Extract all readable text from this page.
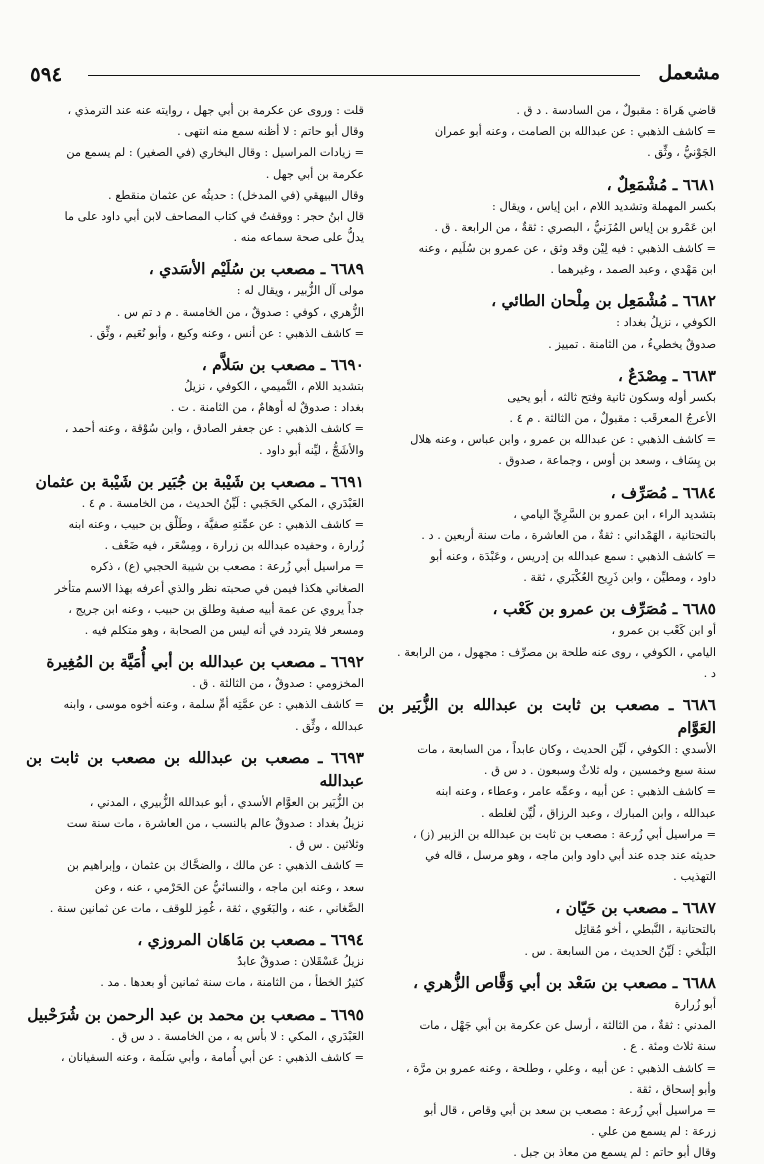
٥٩٤	مشعمل

قاضي هَراة : مقبولٌ ، من السادسة . د ق .

= كاشف الذهبي : عن عبدالله بن الصامت ، وعنه أبو عمران

الجَوْنيُّ ، وثِّق .

٦٦٨١ ـ مُشْمَعِلٌ ،

بكسر المهملة وتشديد اللام ، ابن إياس ، ويقال :

ابن عَمْرو بن إياس المُزَنيُّ ، البصري : ثقةٌ ، من الرابعة . ق .

= كاشف الذهبي : فيه لِيْن وقد وثق ، عن عمرو بن سُلَيم ، وعنه

ابن مَهْدي ، وعبد الصمد ، وغيرهما .

٦٦٨٢ ـ مُشْمَعِل بن مِلْحان الطائي ،

الكوفي ، نزيلُ بغداد :

صدوقٌ يخطيءُ ، من الثامنة . تمييز .

٦٦٨٣ ـ مِصْدَعٌ ،

بكسر أوله وسكون ثانية وفتح ثالثه ، أبو يحيى

الأعرجُ المعرقَب : مقبولٌ ، من الثالثة . م ٤ .

= كاشف الذهبي : عن عبدالله بن عمرو ، وابن عباس ، وعنه هلال

بن يِسَاف ، وسعد بن أوس ، وجماعة ، صدوق .

٦٦٨٤ ـ مُصَرِّف ،

بتشديد الراء ، ابن عمرو بن السَّرِيِّ اليامي ،

بالتحتانية ، الهَمْداني : ثقةٌ ، من العاشرة ، مات سنة أربعين . د .

= كاشف الذهبي : سمع عبدالله بن إدريس ، وعَبْدَة ، وعنه أبو

داود ، ومطيِّن ، وابن ذَرِيح العُكْبَري ، ثقة .

٦٦٨٥ ـ مُصَرِّف بن عمرو بن كَعْب ،

أو ابن كَعْب بن عمرو ،

اليامي ، الكوفي ، روى عنه طلحة بن مصرِّف : مجهول ، من الرابعة .

د .

٦٦٨٦ ـ مصعب بن ثابت بن عبدالله بن الزُّبَير بن العَوَّام

الأسدي : الكوفي ، لَيِّن الحديث ، وكان عابداً ، من السابعة ، مات

سنة سبع وخمسين ، وله ثلاثٌ وسبعون . د س ق .

= كاشف الذهبي : عن أبيه ، وعمِّه عامر ، وعطاء ، وعنه ابنه

عبدالله ، وابن المبارك ، وعبد الرزاق ، لُيِّن لغلطه .

= مراسيل أبي زُرعة : مصعب بن ثابت بن عبدالله بن الزبير (ز) ،

حديثه عند جده عند أبي داود وابن ماجه ، وهو مرسل ، قاله في

التهذيب .

٦٦٨٧ ـ مصعب بن حَيّان ،

بالتحتانية ، النَّبطي ، أخو مُقاتِل

البَلْخي : لَيِّنُ الحديث ، من السابعة . س .

٦٦٨٨ ـ مصعب بن سَعْد بن أبي وَقَّاص الزُّهري ،

أبو زُرارة

المدني : ثقةٌ ، من الثالثة ، أرسل عن عكرمة بن أبي جَهْل ، مات

سنة ثلاث ومئة . ع .

= كاشف الذهبي : عن أبيه ، وعلي ، وطلحة ، وعنه عمرو بن مرَّة ،

وأبو إسحاق ، ثقة .

= مراسيل أبي زُرعة : مصعب بن سعد بن أبي وقاص ، قال أبو

زرعة : لم يسمع من علي .

وقال أبو حاتم : لم يسمع من معاذ بن جبل .

قلت : وروى عن عكرمة بن أبي جهل ، روايته عنه عند الترمذي ،

وقال أبو حاتم : لا أظنه سمع منه انتهى .

= زيادات المراسيل : وقال البخاري (في الصغير) : لم يسمع من

عكرمة بن أبي جهل .

وقال البيهقي (في المدخل) : حديثُه عن عثمان منقطع .

قال ابنُ حجر : ووقفتُ في كتاب المصاحف لابن أبي داود على ما

يدلُّ على صحة سماعه منه .

٦٦٨٩ ـ مصعب بن سُلَيْم الأسَدي ،

مولى آل الزُّبير ، ويقال له :

الزُّهري ، كوفي : صدوقٌ ، من الخامسة . م د تم س .

= كاشف الذهبي : عن أنس ، وعنه وكيع ، وأبو نُعَيم ، وثِّق .

٦٦٩٠ ـ مصعب بن سَلاَّم ،

بتشديد اللام ، التَّميمي ، الكوفي ، نزيلُ

بغداد : صدوقٌ له أوهامٌ ، من الثامنة . ت .

= كاشف الذهبي : عن جعفر الصادق ، وابن سُوْقة ، وعنه أحمد ،

والأشَجُّ ، ليِّنه أبو داود .

٦٦٩١ ـ مصعب بن شَيْبة بن جُبَير بن شَيْبة بن عثمان

العَبْدَري ، المكي الحَجَبي : لَيِّنُ الحديث ، من الخامسة . م ٤ .

= كاشف الذهبي : عن عمِّتهِ صفيَّة ، وطَلْق بن حبيب ، وعنه ابنه

زُرارة ، وحفيده عبدالله بن زرارة ، ومِسْعَر ، فيه ضَعْف .

= مراسيل أبي زُرعة : مصعب بن شيبة الحجبي (ع) ، ذكره

الصغاني هكذا فيمن في صحبته نظر والذي أعرفه بهذا الاسم متأخر

جداً يروي عن عمة أبيه صفية وطلق بن حبيب ، وعنه ابن جريج ،

ومسعر فلا يتردد في أنه ليس من الصحابة ، وهو متكلم فيه .

٦٦٩٢ ـ مصعب بن عبدالله بن أبي أُمَيَّة بن المُغِيرة

المخزومي : صدوقٌ ، من الثالثة . ق .

= كاشف الذهبي : عن عمَّتِه أمِّ سلمة ، وعنه أخوه موسى ، وابنه

عبدالله ، وثِّق .

٦٦٩٣ ـ مصعب بن عبدالله بن مصعب بن ثابت بن عبدالله

بن الزُّبَير بن العوَّام الأسدي ، أبو عبدالله الزُّبيري ، المدني ،

نزيلُ بغداد : صدوقٌ عالم بالنسب ، من العاشرة ، مات سنة ست

وثلاثين . س ق .

= كاشف الذهبي : عن مالك ، والضحَّاك بن عثمان ، وإبراهيم بن

سعد ، وعنه ابن ماجه ، والنسائيُّ عن الحَرْمي ، عنه ، وعن

الصَّغاني ، عنه ، والبَغَوي ، ثقة ، غُمِز للوقف ، مات عن ثمانين سنة .

٦٦٩٤ ـ مصعب بن مَاهَان المروزي ،

نزيلُ عَسْقَلان : صدوقٌ عابدٌ

كثيرُ الخطأ ، من الثامنة ، مات سنة ثمانين أو بعدها . مد .

٦٦٩٥ ـ مصعب بن محمد بن عبد الرحمن بن شُرَحْبيل

العَبْدَري ، المكي : لا بأس به ، من الخامسة . د س ق .

= كاشف الذهبي : عن أبي أُمامة ، وأبي سَلَمة ، وعنه السفيانان ،
